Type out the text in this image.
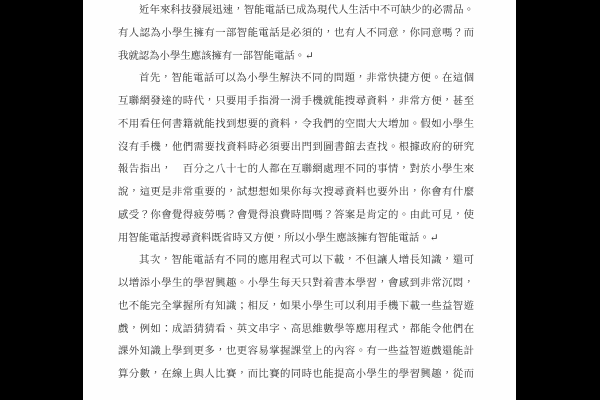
近年來科技發展迅速，智能電話已成為現代人生活中不可缺少的必需品。
有人認為小學生擁有一部智能電話是必須的，也有人不同意，你同意嗎？而
我就認為小學生應該擁有一部智能電話。↵
首先，智能電話可以為小學生解決不同的問題，非常快捷方便。在這個
互聯網發達的時代，只要用手指滑一滑手機就能搜尋資料，非常方便，甚至
不用看任何書籍就能找到想要的資料，令我們的空間大大增加。假如小學生
沒有手機，他們需要找資料時必須要出門到圖書館去查找。根據政府的研究
報告指出，　百分之八十七的人都在互聯網處理不同的事情，對於小學生來
說，這更是非常重要的，試想想如果你每次搜尋資料也要外出，你會有什麼
感受？你會覺得疲勞嗎？會覺得浪費時間嗎？答案是肯定的。由此可見，使
用智能電話搜尋資料既省時又方便，所以小學生應該擁有智能電話。↵
其次，智能電話有不同的應用程式可以下載，不但讓人增長知識，還可
以增添小學生的學習興趣。小學生每天只對着書本學習，會感到非常沉悶，
也不能完全掌握所有知識；相反，如果小學生可以利用手機下載一些益智遊
戲，例如：成語猜猜看、英文串字、高思維數學等應用程式，都能令他們在
課外知識上學到更多，也更容易掌握課堂上的內容。有一些益智遊戲還能計
算分數，在線上與人比賽，而比賽的同時也能提高小學生的學習興趣，從而
